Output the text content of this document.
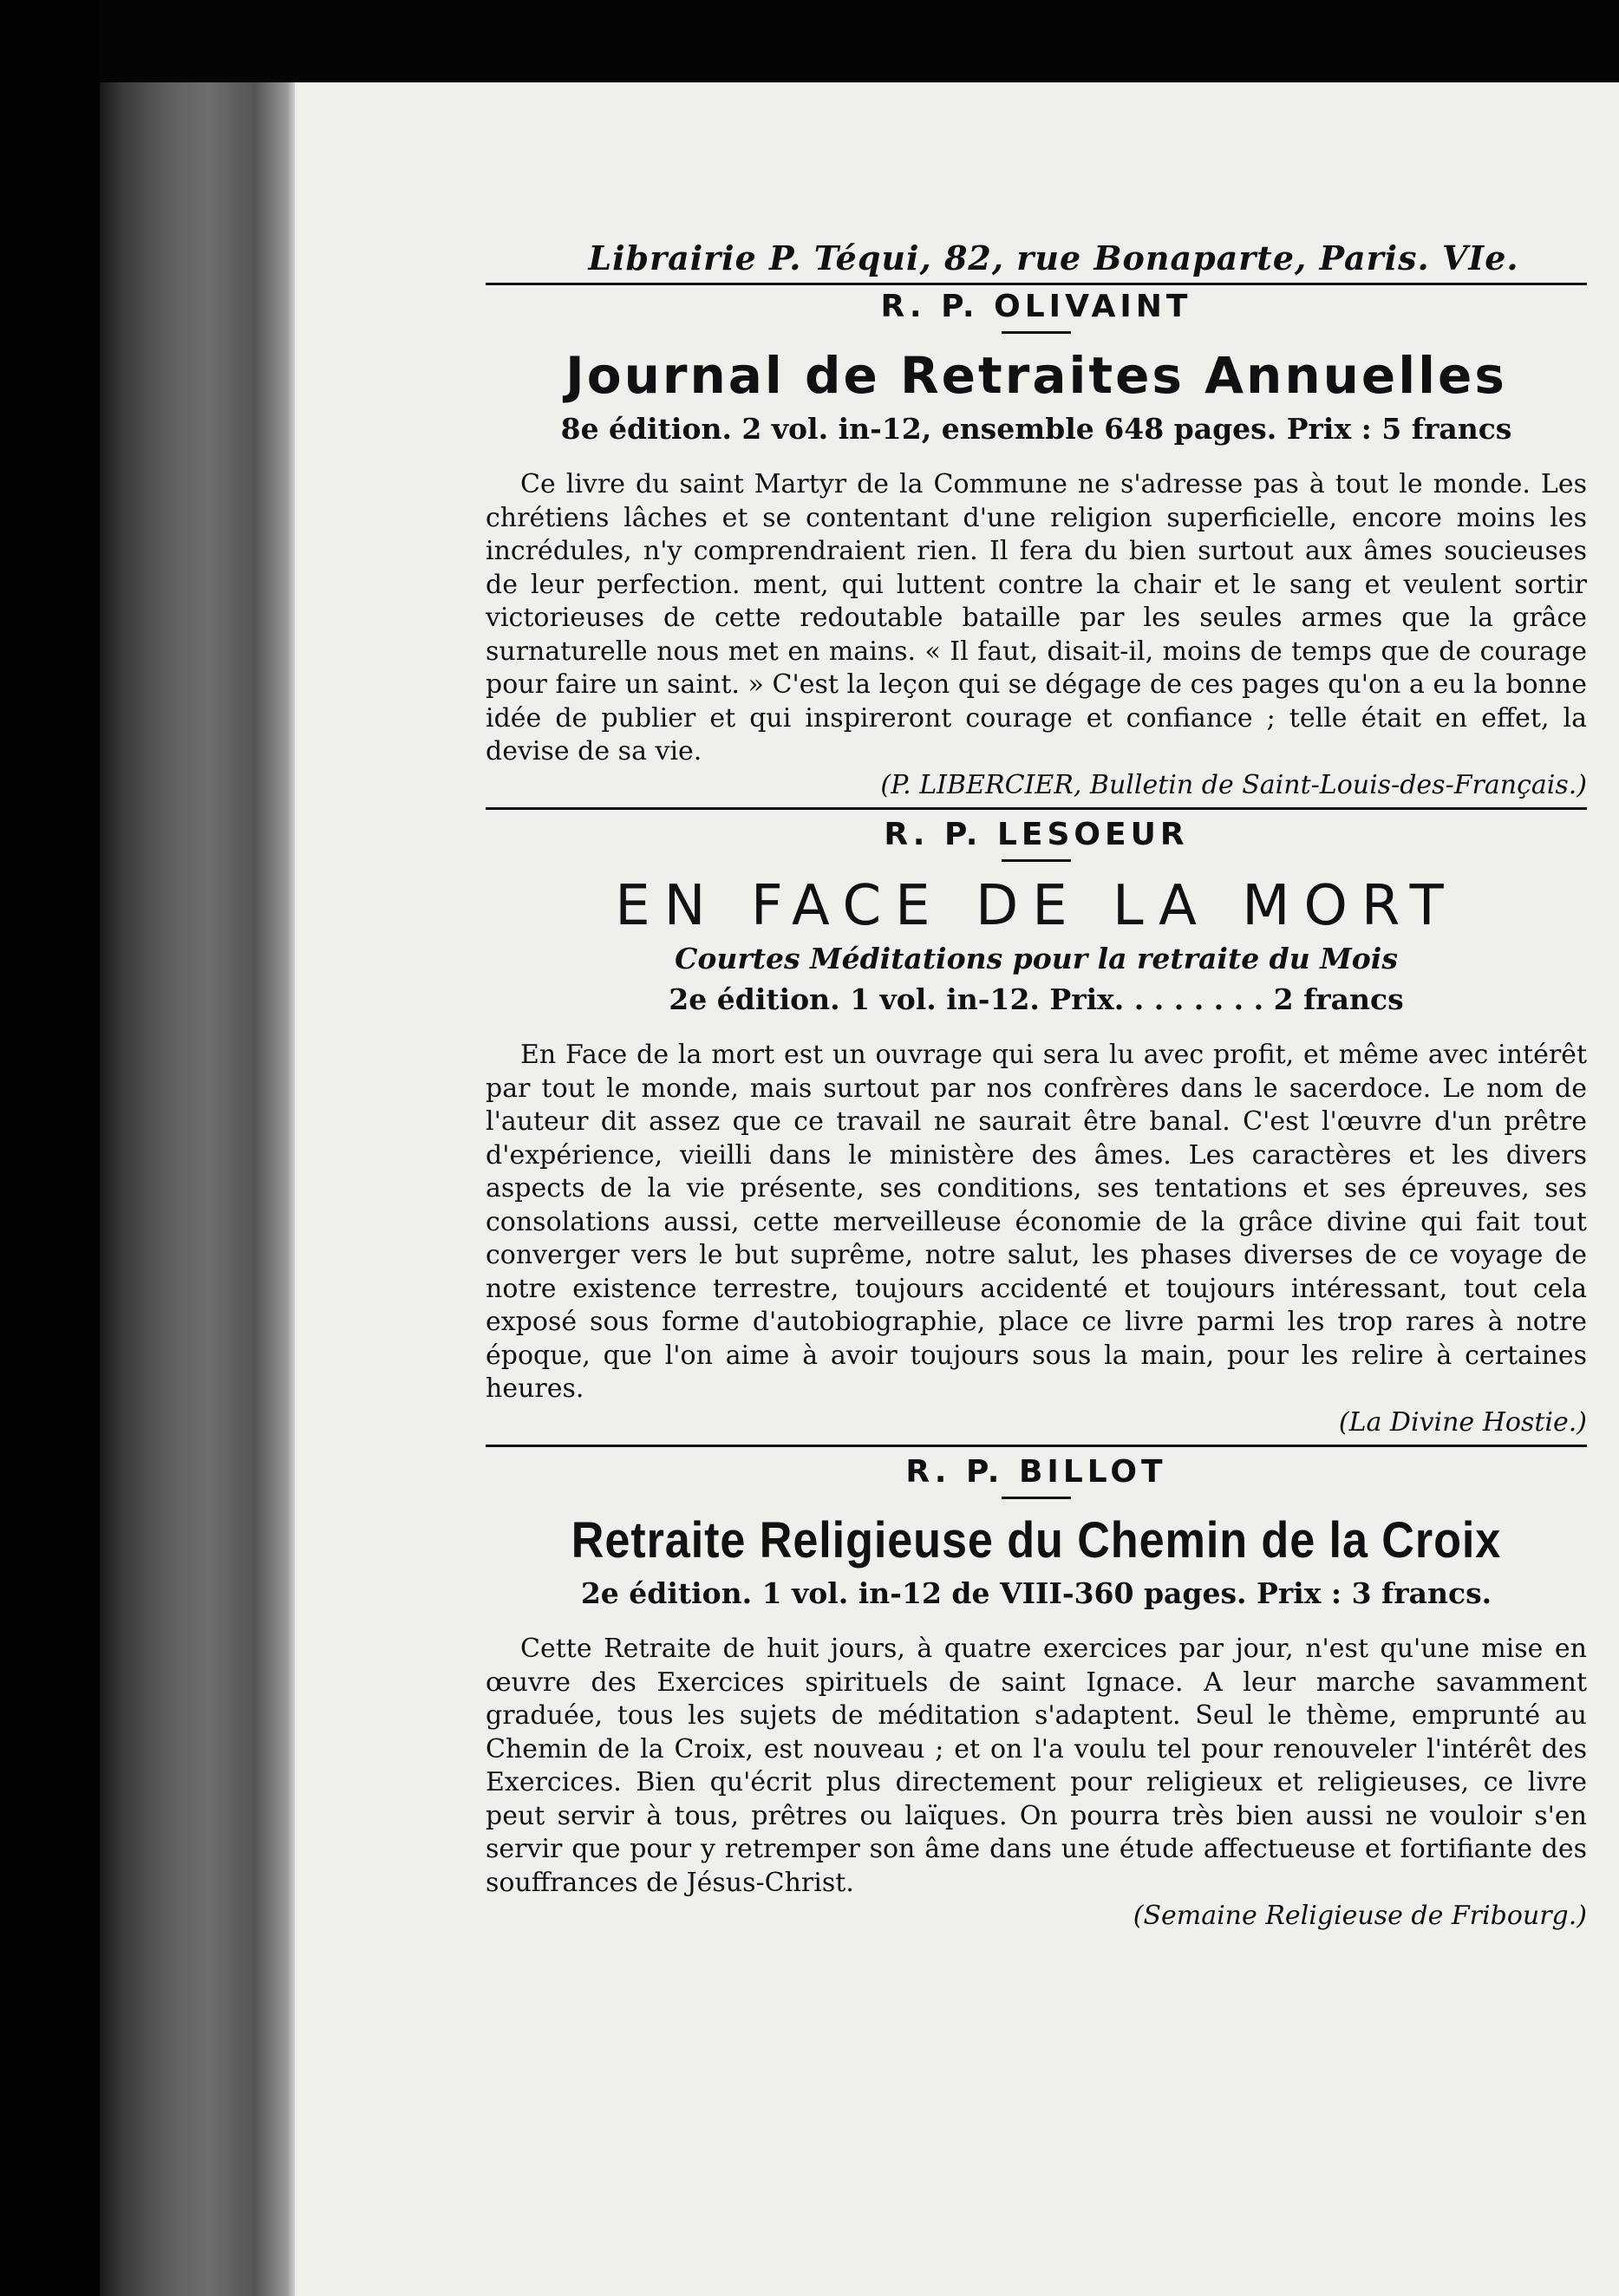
Librairie P. Téqui, 82, rue Bonaparte, Paris. VIe.
R. P. OLIVAINT
Journal de Retraites Annuelles
8e édition. 2 vol. in-12, ensemble 648 pages. Prix : 5 francs

Ce livre du saint Martyr de la Commune ne s'adresse pas à tout le monde. Les chrétiens lâches et se contentant d'une religion superficielle, encore moins les incrédules, n'y comprendraient rien. Il fera du bien surtout aux âmes soucieuses de leur perfection. ment, qui luttent contre la chair et le sang et veulent sortir victorieuses de cette redoutable bataille par les seules armes que la grâce surnaturelle nous met en mains. « Il faut, disait-il, moins de temps que de courage pour faire un saint. » C'est la leçon qui se dégage de ces pages qu'on a eu la bonne idée de publier et qui inspireront courage et confiance ; telle était en effet, la devise de sa vie.

(P. LIBERCIER, Bulletin de Saint-Louis-des-Français.)
R. P. LESOEUR
EN FACE DE LA MORT
Courtes Méditations pour la retraite du Mois
2e édition. 1 vol. in-12. Prix. . . . . . . . 2 francs

En Face de la mort est un ouvrage qui sera lu avec profit, et même avec intérêt par tout le monde, mais surtout par nos confrères dans le sacerdoce. Le nom de l'auteur dit assez que ce travail ne saurait être banal. C'est l'œuvre d'un prêtre d'expérience, vieilli dans le ministère des âmes. Les caractères et les divers aspects de la vie présente, ses conditions, ses tentations et ses épreuves, ses consolations aussi, cette merveilleuse économie de la grâce divine qui fait tout converger vers le but suprême, notre salut, les phases diverses de ce voyage de notre existence terrestre, toujours accidenté et toujours intéressant, tout cela exposé sous forme d'autobiographie, place ce livre parmi les trop rares à notre époque, que l'on aime à avoir toujours sous la main, pour les relire à certaines heures.

(La Divine Hostie.)
R. P. BILLOT
Retraite Religieuse du Chemin de la Croix
2e édition. 1 vol. in-12 de VIII-360 pages. Prix : 3 francs.

Cette Retraite de huit jours, à quatre exercices par jour, n'est qu'une mise en œuvre des Exercices spirituels de saint Ignace. A leur marche savamment graduée, tous les sujets de méditation s'adaptent. Seul le thème, emprunté au Chemin de la Croix, est nouveau ; et on l'a voulu tel pour renouveler l'intérêt des Exercices. Bien qu'écrit plus directement pour religieux et religieuses, ce livre peut servir à tous, prêtres ou laïques. On pourra très bien aussi ne vouloir s'en servir que pour y retremper son âme dans une étude affectueuse et fortifiante des souffrances de Jésus-Christ.

(Semaine Religieuse de Fribourg.)
